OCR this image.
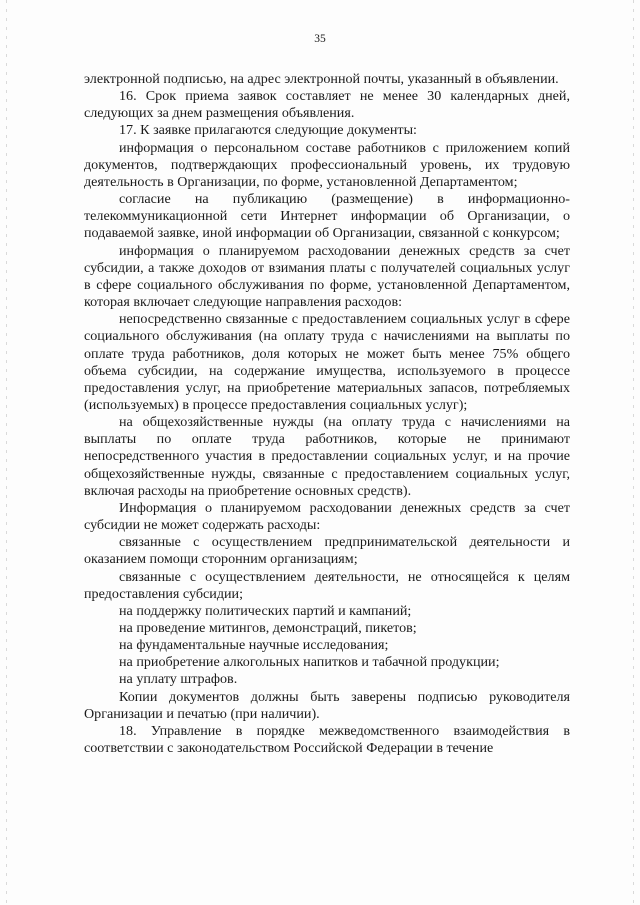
35

электронной подписью, на адрес электронной почты, указанный в объявлении.

16. Срок приема заявок составляет не менее 30 календарных дней, следующих за днем размещения объявления.

17. К заявке прилагаются следующие документы:

информация о персональном составе работников с приложением копий документов, подтверждающих профессиональный уровень, их трудовую деятельность в Организации, по форме, установленной Департаментом;

согласие на публикацию (размещение) в информационно-телекоммуникационной сети Интернет информации об Организации, о подаваемой заявке, иной информации об Организации, связанной с конкурсом;

информация о планируемом расходовании денежных средств за счет субсидии, а также доходов от взимания платы с получателей социальных услуг в сфере социального обслуживания по форме, установленной Департаментом, которая включает следующие направления расходов:

непосредственно связанные с предоставлением социальных услуг в сфере социального обслуживания (на оплату труда с начислениями на выплаты по оплате труда работников, доля которых не может быть менее 75% общего объема субсидии, на содержание имущества, используемого в процессе предоставления услуг, на приобретение материальных запасов, потребляемых (используемых) в процессе предоставления социальных услуг);

на общехозяйственные нужды (на оплату труда с начислениями на выплаты по оплате труда работников, которые не принимают непосредственного участия в предоставлении социальных услуг, и на прочие общехозяйственные нужды, связанные с предоставлением социальных услуг, включая расходы на приобретение основных средств).

Информация о планируемом расходовании денежных средств за счет субсидии не может содержать расходы:

связанные с осуществлением предпринимательской деятельности и оказанием помощи сторонним организациям;

связанные с осуществлением деятельности, не относящейся к целям предоставления субсидии;

на поддержку политических партий и кампаний;

на проведение митингов, демонстраций, пикетов;

на фундаментальные научные исследования;

на приобретение алкогольных напитков и табачной продукции;

на уплату штрафов.

Копии документов должны быть заверены подписью руководителя Организации и печатью (при наличии).

18. Управление в порядке межведомственного взаимодействия в соответствии с законодательством Российской Федерации в течение
